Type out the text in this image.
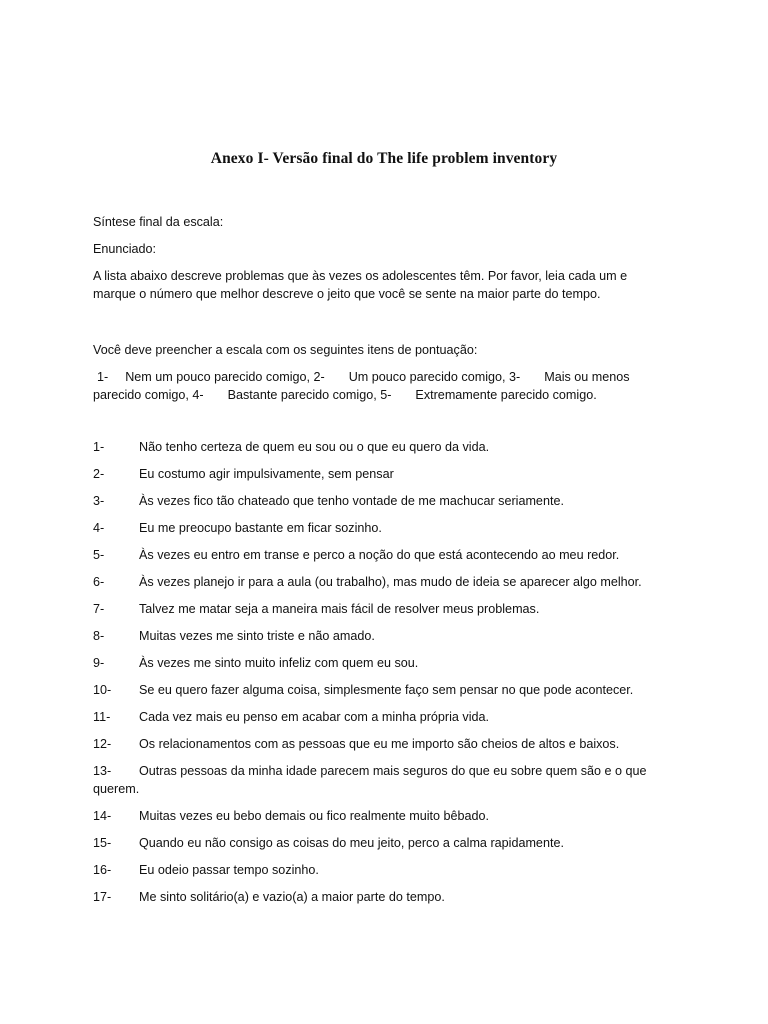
Anexo I- Versão final do The life problem inventory
Síntese final da escala:
Enunciado:
A lista abaixo descreve problemas que às vezes os adolescentes têm. Por favor, leia cada um e
marque o número que melhor descreve o jeito que você se sente na maior parte do tempo.
Você deve preencher a escala com os seguintes itens de pontuação:
1- Nem um pouco parecido comigo, 2- Um pouco parecido comigo, 3- Mais ou menos
parecido comigo, 4- Bastante parecido comigo, 5- Extremamente parecido comigo.
1-	Não tenho certeza de quem eu sou ou o que eu quero da vida.
2-	Eu costumo agir impulsivamente, sem pensar
3-	Às vezes fico tão chateado que tenho vontade de me machucar seriamente.
4-	Eu me preocupo bastante em ficar sozinho.
5-	Às vezes eu entro em transe e perco a noção do que está acontecendo ao meu redor.
6-	Às vezes planejo ir para a aula (ou trabalho), mas mudo de ideia se aparecer algo melhor.
7-	Talvez me matar seja a maneira mais fácil de resolver meus problemas.
8-	Muitas vezes me sinto triste e não amado.
9-	Às vezes me sinto muito infeliz com quem eu sou.
10- Se eu quero fazer alguma coisa, simplesmente faço sem pensar no que pode acontecer.
11- Cada vez mais eu penso em acabar com a minha própria vida.
12- Os relacionamentos com as pessoas que eu me importo são cheios de altos e baixos.
13- Outras pessoas da minha idade parecem mais seguros do que eu sobre quem são e o que
querem.
14- Muitas vezes eu bebo demais ou fico realmente muito bêbado.
15- Quando eu não consigo as coisas do meu jeito, perco a calma rapidamente.
16- Eu odeio passar tempo sozinho.
17- Me sinto solitário(a) e vazio(a) a maior parte do tempo.
